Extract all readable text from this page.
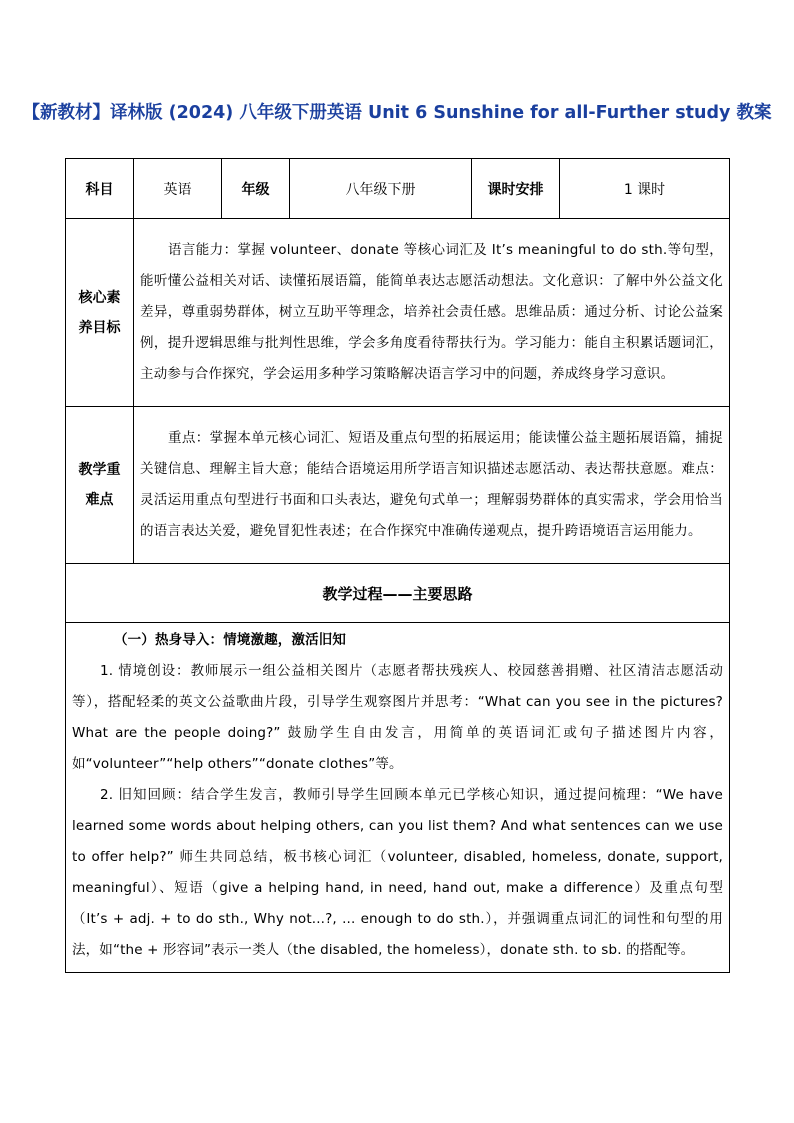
【新教材】译林版 (2024) 八年级下册英语 Unit 6 Sunshine for all-Further study 教案
科目	英语	年级	八年级下册	课时安排	1 课时

核心素养目标	语言能力：掌握 volunteer、donate 等核心词汇及 It’s meaningful to do sth.等句型，能听懂公益相关对话、读懂拓展语篇，能简单表达志愿活动想法。文化意识：了解中外公益文化差异，尊重弱势群体，树立互助平等理念，培养社会责任感。思维品质：通过分析、讨论公益案例，提升逻辑思维与批判性思维，学会多角度看待帮扶行为。学习能力：能自主积累话题词汇，主动参与合作探究，学会运用多种学习策略解决语言学习中的问题，养成终身学习意识。				

教学重难点	重点：掌握本单元核心词汇、短语及重点句型的拓展运用；能读懂公益主题拓展语篇，捕捉关键信息、理解主旨大意；能结合语境运用所学语言知识描述志愿活动、表达帮扶意愿。难点：灵活运用重点句型进行书面和口头表达，避免句式单一；理解弱势群体的真实需求，学会用恰当的语言表达关爱，避免冒犯性表述；在合作探究中准确传递观点，提升跨语境语言运用能力。				

教学过程——主要思路					

（一）热身导入：情境激趣，激活旧知
1. 情境创设：教师展示一组公益相关图片（志愿者帮扶残疾人、校园慈善捐赠、社区清洁志愿活动等），搭配轻柔的英文公益歌曲片段，引导学生观察图片并思考：“What can you see in the pictures? What are the people doing?” 鼓励学生自由发言，用简单的英语词汇或句子描述图片内容，如“volunteer”“help others”“donate clothes”等。
2. 旧知回顾：结合学生发言，教师引导学生回顾本单元已学核心知识，通过提问梳理：“We have learned some words about helping others, can you list them? And what sentences can we use to offer help?” 师生共同总结，板书核心词汇（volunteer, disabled, homeless, donate, support, meaningful）、短语（give a helping hand, in need, hand out, make a difference）及重点句型（It’s + adj. + to do sth., Why not...?, ... enough to do sth.），并强调重点词汇的词性和句型的用法，如“the + 形容词”表示一类人（the disabled, the homeless），donate sth. to sb. 的搭配等。					
